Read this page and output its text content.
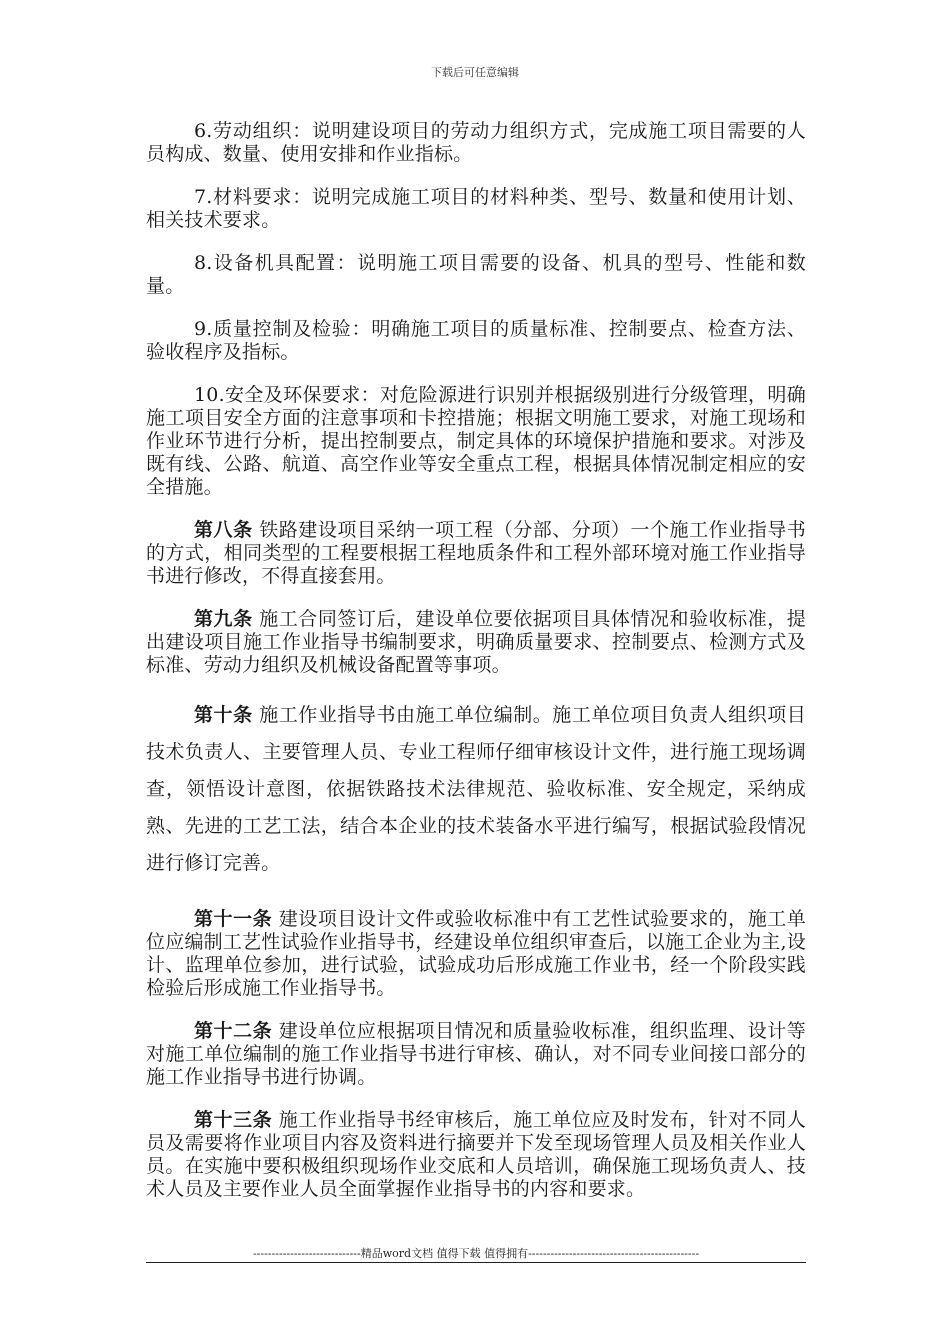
下载后可任意编辑

6.劳动组织：说明建设项目的劳动力组织方式，完成施工项目需要的人员构成、数量、使用安排和作业指标。

7.材料要求：说明完成施工项目的材料种类、型号、数量和使用计划、相关技术要求。

8.设备机具配置：说明施工项目需要的设备、机具的型号、性能和数量。

9.质量控制及检验：明确施工项目的质量标准、控制要点、检查方法、验收程序及指标。

10.安全及环保要求：对危险源进行识别并根据级别进行分级管理，明确施工项目安全方面的注意事项和卡控措施；根据文明施工要求，对施工现场和作业环节进行分析，提出控制要点，制定具体的环境保护措施和要求。对涉及既有线、公路、航道、高空作业等安全重点工程，根据具体情况制定相应的安全措施。

第八条 铁路建设项目采纳一项工程（分部、分项）一个施工作业指导书的方式，相同类型的工程要根据工程地质条件和工程外部环境对施工作业指导书进行修改，不得直接套用。

第九条 施工合同签订后，建设单位要依据项目具体情况和验收标准，提出建设项目施工作业指导书编制要求，明确质量要求、控制要点、检测方式及标准、劳动力组织及机械设备配置等事项。

第十条 施工作业指导书由施工单位编制。施工单位项目负责人组织项目技术负责人、主要管理人员、专业工程师仔细审核设计文件，进行施工现场调查，领悟设计意图，依据铁路技术法律规范、验收标准、安全规定，采纳成熟、先进的工艺工法，结合本企业的技术装备水平进行编写，根据试验段情况进行修订完善。

第十一条 建设项目设计文件或验收标准中有工艺性试验要求的，施工单位应编制工艺性试验作业指导书，经建设单位组织审查后，以施工企业为主,设计、监理单位参加，进行试验，试验成功后形成施工作业书，经一个阶段实践检验后形成施工作业指导书。

第十二条 建设单位应根据项目情况和质量验收标准，组织监理、设计等对施工单位编制的施工作业指导书进行审核、确认，对不同专业间接口部分的施工作业指导书进行协调。

第十三条 施工作业指导书经审核后，施工单位应及时发布，针对不同人员及需要将作业项目内容及资料进行摘要并下发至现场管理人员及相关作业人员。在实施中要积极组织现场作业交底和人员培训，确保施工现场负责人、技术人员及主要作业人员全面掌握作业指导书的内容和要求。

-----------------------------精品word文档 值得下载 值得拥有----------------------------------------------
